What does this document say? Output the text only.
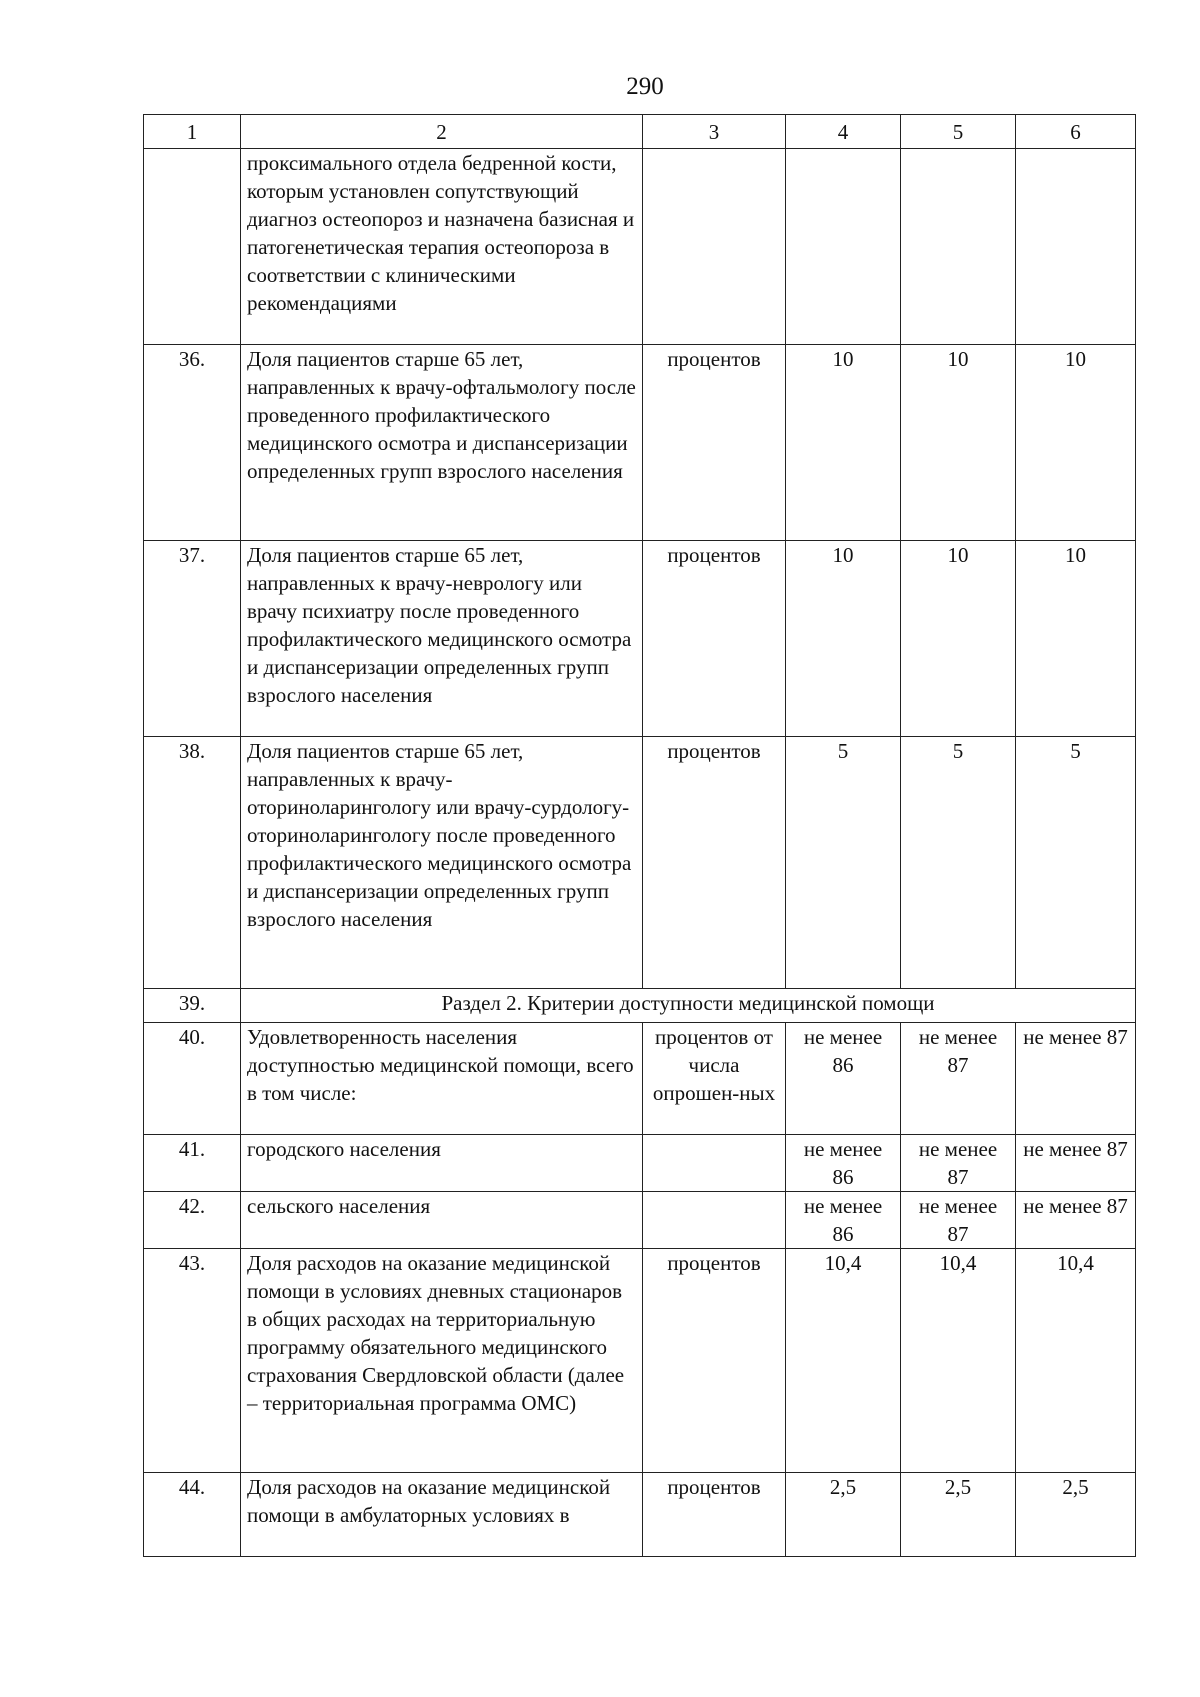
290
1	2	3	4	5	6
	проксимального отдела бедренной кости, которым установлен сопутствующий диагноз остеопороз и назначена базисная и патогенетическая терапия остеопороза в соответствии с клиническими рекомендациями				
36.	Доля пациентов старше 65 лет, направленных к врачу-офтальмологу после проведенного профилактического медицинского осмотра и диспансеризации определенных групп взрослого населения	процентов	10	10	10
37.	Доля пациентов старше 65 лет, направленных к врачу-неврологу или врачу психиатру после проведенного профилактического медицинского осмотра и диспансеризации определенных групп взрослого населения	процентов	10	10	10
38.	Доля пациентов старше 65 лет, направленных к врачу-оториноларингологу или врачу-сурдологу-оториноларингологу после проведенного профилактического медицинского осмотра и диспансеризации определенных групп взрослого населения	процентов	5	5	5
39.	Раздел 2. Критерии доступности медицинской помощи				
40.	Удовлетворенность населения доступностью медицинской помощи, всего в том числе:	процентов от числа опрошен-ных	не менее 86	не менее 87	не менее 87
41.	городского населения		не менее 86	не менее 87	не менее 87
42.	сельского населения		не менее 86	не менее 87	не менее 87
43.	Доля расходов на оказание медицинской помощи в условиях дневных стационаров в общих расходах на территориальную программу обязательного медицинского страхования Свердловской области (далее – территориальная программа ОМС)	процентов	10,4	10,4	10,4
44.	Доля расходов на оказание медицинской помощи в амбулаторных условиях в	процентов	2,5	2,5	2,5
